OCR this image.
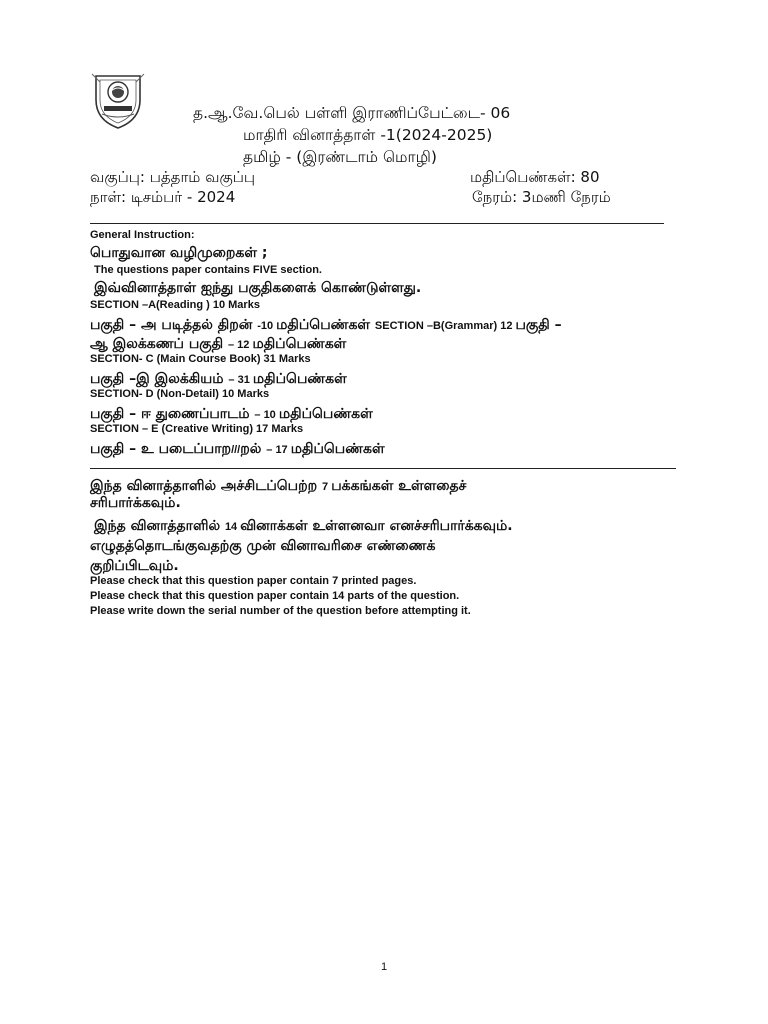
த.ஆ.வே.பெல் பள்ளி இராணிப்பேட்டை- 06
மாதிரி வினாத்தாள் -1(2024-2025)
தமிழ் - (இரண்டாம் மொழி)
வகுப்பு: பத்தாம் வகுப்பு	மதிப்பெண்கள்: 80
நாள்: டிசம்பர் - 2024	நேரம்: 3மணி நேரம்
General Instruction:
பொதுவான வழிமுறைகள் ;
The questions paper contains FIVE section.
இவ்வினாத்தாள் ஐந்து பகுதிகளைக் கொண்டுள்ளது.
SECTION –A(Reading ) 10 Marks
பகுதி – அ படித்தல் திறன் -10 மதிப்பெண்கள் SECTION –B(Grammar) 12 பகுதி –
ஆ இலக்கணப் பகுதி – 12 மதிப்பெண்கள்
SECTION- C (Main Course Book) 31 Marks
பகுதி –இ இலக்கியம் – 31 மதிப்பெண்கள்
SECTION- D (Non-Detail) 10 Marks
பகுதி – ஈ துணைப்பாடம் – 10 மதிப்பெண்கள்
SECTION – E (Creative Writing) 17 Marks
பகுதி – உ படைப்பாற///றல் – 17 மதிப்பெண்கள்
இந்த வினாத்தாளில் அச்சிடப்பெற்ற 7 பக்கங்கள் உள்ளதைச்
சரிபார்க்கவும்.
இந்த வினாத்தாளில் 14 வினாக்கள் உள்ளனவா எனச்சரிபார்க்கவும்.
எழுதத்தொடங்குவதற்கு முன் வினாவரிசை எண்ணைக்
குறிப்பிடவும்.
Please check that this question paper contain 7 printed pages.
Please check that this question paper contain 14 parts of the question.
Please write down the serial number of the question before attempting it.
1
